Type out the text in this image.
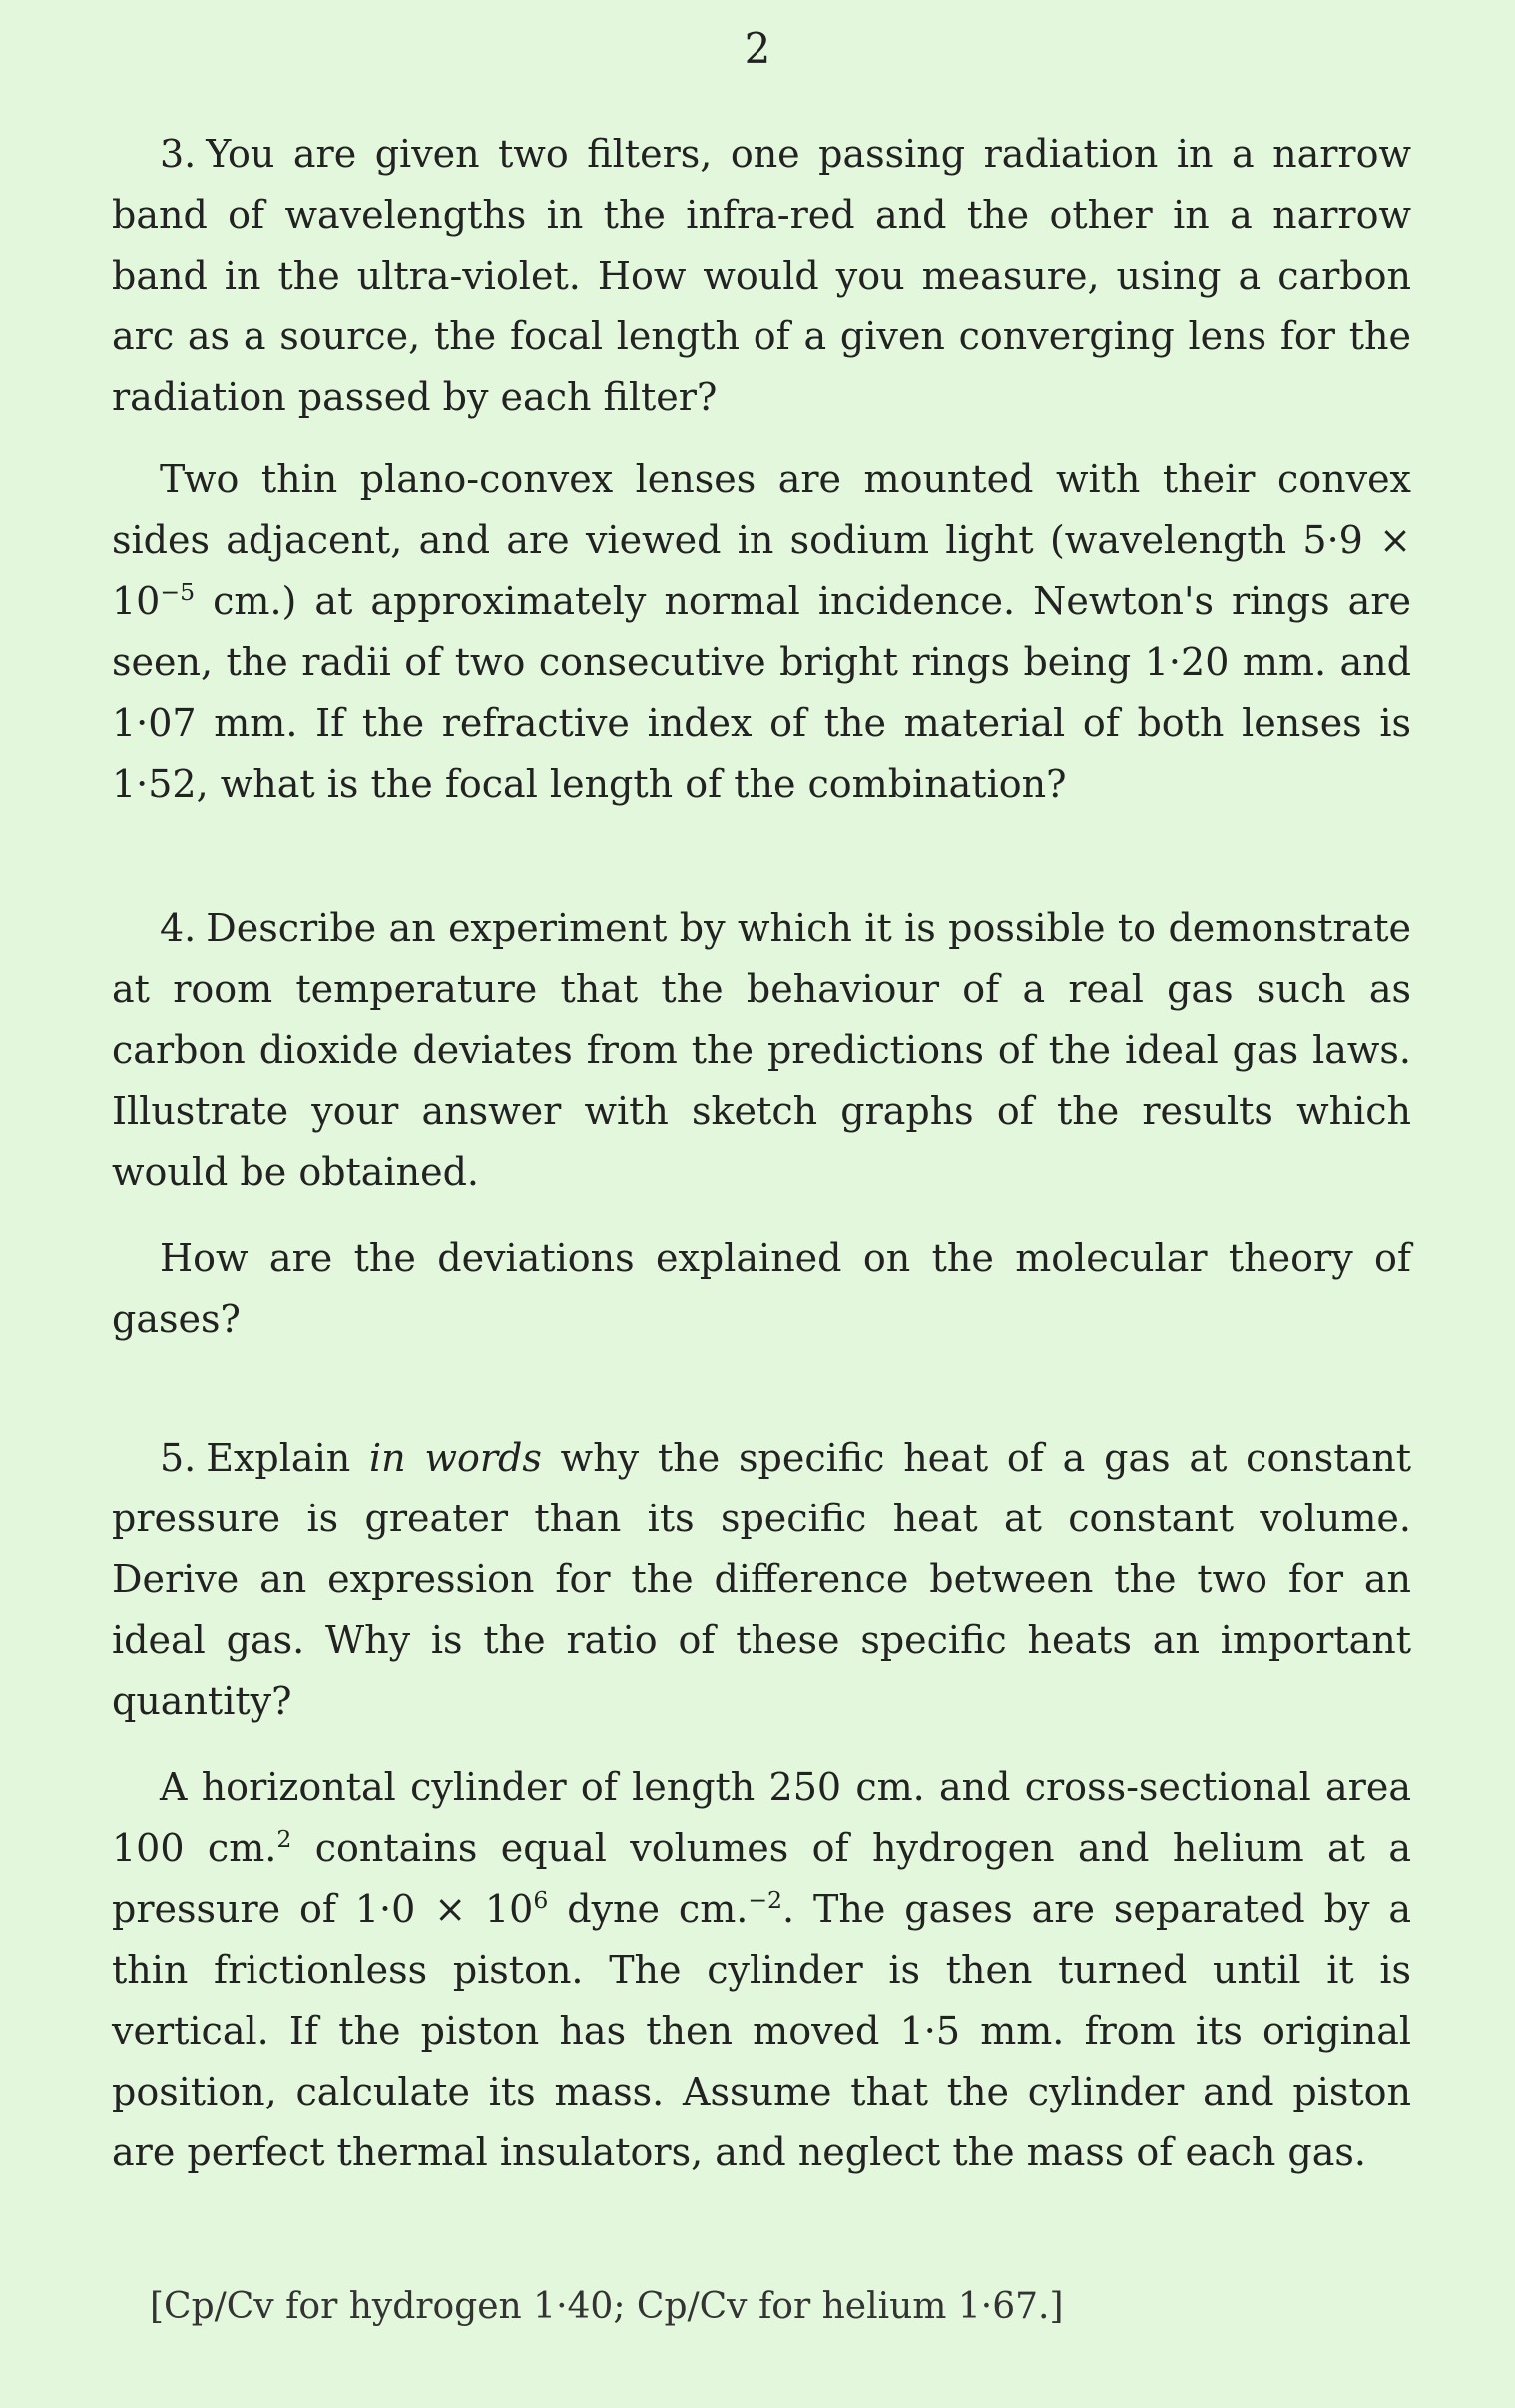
2

3. You are given two filters, one passing radiation in a narrow band of wavelengths in the infra-red and the other in a narrow band in the ultra-violet. How would you measure, using a carbon arc as a source, the focal length of a given converging lens for the radiation passed by each filter?

Two thin plano-convex lenses are mounted with their convex sides adjacent, and are viewed in sodium light (wavelength $5\cdot 9 \times 10^{-5}$ cm.) at approximately normal incidence. Newton's rings are seen, the radii of two consecutive bright rings being 1·20 mm. and 1·07 mm. If the refractive index of the material of both lenses is 1·52, what is the focal length of the combination?

4. Describe an experiment by which it is possible to demonstrate at room temperature that the behaviour of a real gas such as carbon dioxide deviates from the predictions of the ideal gas laws. Illustrate your answer with sketch graphs of the results which would be obtained.

How are the deviations explained on the molecular theory of gases?

5. Explain in words why the specific heat of a gas at constant pressure is greater than its specific heat at constant volume. Derive an expression for the difference between the two for an ideal gas. Why is the ratio of these specific heats an important quantity?

A horizontal cylinder of length 250 cm. and cross-sectional area 100 cm.$^2$ contains equal volumes of hydrogen and helium at a pressure of $1\cdot 0 \times 10^6$ dyne cm.$^{-2}$. The gases are separated by a thin frictionless piston. The cylinder is then turned until it is vertical. If the piston has then moved 1·5 mm. from its original position, calculate its mass. Assume that the cylinder and piston are perfect thermal insulators, and neglect the mass of each gas.

[Cp/Cv for hydrogen 1·40; Cp/Cv for helium 1·67.]
